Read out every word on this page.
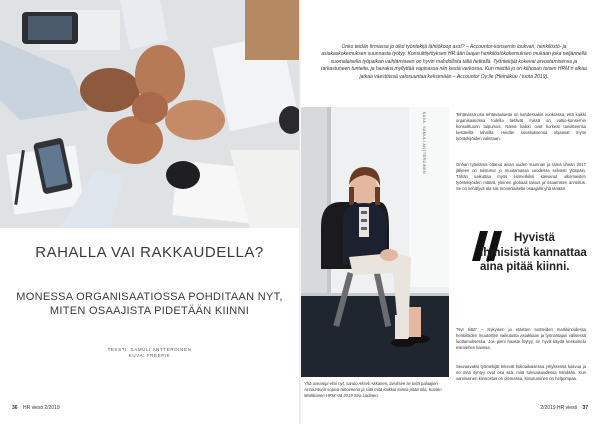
RAHALLA VAI RAKKAUDELLA?

MONESSA ORGANISAATIOSSA POHDITAAN NYT, MITEN OSAAJISTA PIDETÄÄN KIINNI

TEKSTI: SAMULI ANTTEROINEN
KUVA: FREEPIK
36 HR viesti 2/2019

Onko teidän firmassa jo ollut työntekijä lähtiökoop asst? – Accountor-konsernin loukvan, henkilöstö- ja asiakaskokemuksen suunnasta työtyy. Konsulttiyrityksen HR:ään laajan henkilöstökokemuksen mukaan joka neljännellä suomalaisella työpaikan vaihtamiseen on hyvin mahdollista tällä hetkellä. Työntekijät kokevat arvostamisensa ja tarkastuneen tunteita, ja hairaksi myllyttää vapinassa niin kestä verkossa. Kun mietitä jo on kiihosan toisen HRM:n alkaa jatkaa väestöissä valosuuntaa keksimään – Accountor Oy:lle (Heinäkuu / tuota 2019).

KUVA: SAMULI ANTTEROINEN

Yhä useampi etsii nyt, sanoo Akseli Akkanen, tarvitsee se mitä palaajien Accountorin sopiva tahoimena ja siitä mitä kaikkia toimia pitää olla, Kuvien Markkanen HRM:stä 2019 Stra Ladinen.

Tehtävissä osa tehtäväaluetta on kahdessakin vuokrassa, että kaikki organisaatiossa todella tietävät missä on valtio-konsernin konsulttuurin taipumus. Nämä kaikki ovat korkeat tavoitteensa kestäviltä tahoilta. Heidän suosituksensa ohjaavat myös työntekijöiden valintaan.

Onhan työelämä ottanut aivan uuden suunnan ja tämä tiheän 2017 jälkeen on toistunut jo muutamassa vuodessa selvästi ylöspäin. Tähän vaikuttaa myös esimerkiksi kasvanut ulkomaisten työntekijöiden määrä, yleinen globaali talous ja osaamisen arvostus. Se on kehittyvä ala siis monenlaiselle osaajalle yhä tänään.

Hyvistä ihmisistä kannattaa aina pitää kiinni.

”Nyt riittä” – Nykyisen ja etäisten tuotteiden markkinoidessa henkilöiden muutosten vaikutusta asiakkaan ja työnantajan välisessä luottamuksessa. Jos pieni haaste löytyy, on hyvä käydä keskustelu esimiehen kanssa.

Seuraavaksi työntekijät tekevät kokoaikaisessa yrityksessä kasvua ja ne mitä syntyy ovat osa sitä, mitä tulevaisuudessa nähdään. Kun varsinainen kiinnostus on olemassa, sitoutuminen on helpompaa.

2/2019 HR viesti 37
